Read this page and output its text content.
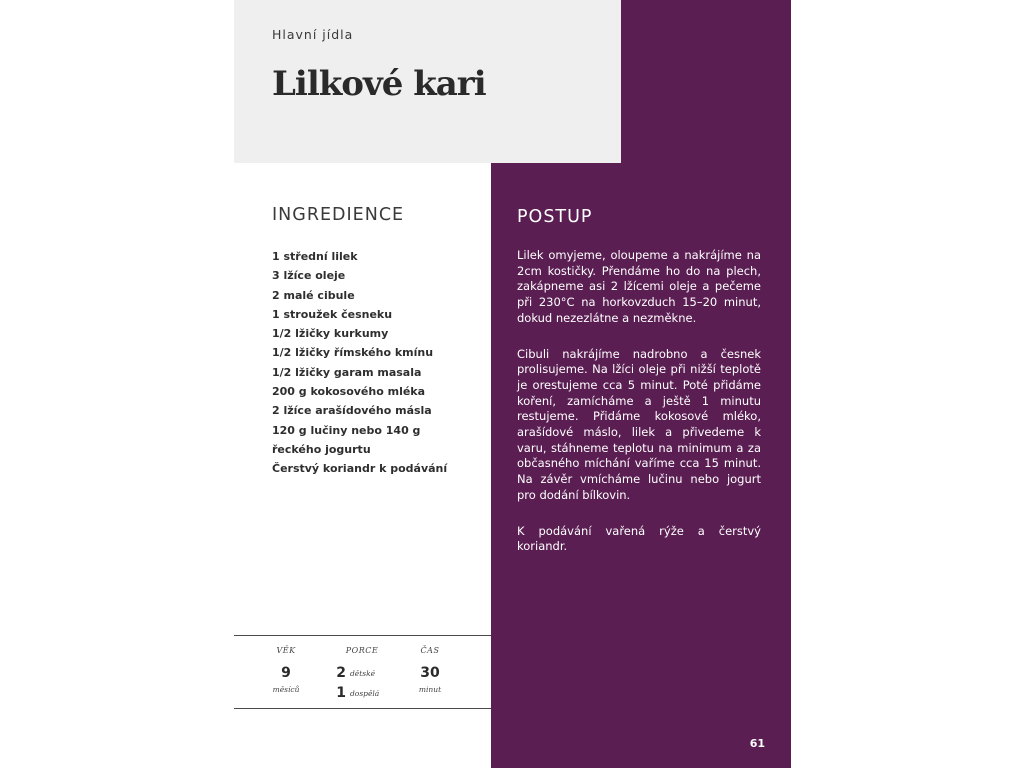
POSTUP

Lilek omyjeme, oloupeme a nakrájíme na 2cm kostičky. Přendáme ho do na plech, zakápneme asi 2 lžícemi oleje a pečeme při 230°C na horkovzduch 15–20 minut, dokud nezezlátne a nezměkne.

Cibuli nakrájíme nadrobno a česnek prolisujeme. Na lžíci oleje při nižší teplotě je orestujeme cca 5 minut. Poté přidáme koření, zamícháme a ještě 1 minutu restujeme. Přidáme kokosové mléko, arašídové máslo, lilek a přivedeme k varu, stáhneme teplotu na minimum a za občasného míchání vaříme cca 15 minut. Na závěr vmícháme lučinu nebo jogurt pro dodání bílkovin.

K podávání vařená rýže a čerstvý koriandr.

61
Hlavní jídla
Lilkové kari
INGREDIENCE
1 střední lilek
3 lžíce oleje
2 malé cibule
1 stroužek česneku
1/2 lžičky kurkumy
1/2 lžičky římského kmínu
1/2 lžičky garam masala
200 g kokosového mléka
2 lžíce arašídového másla
120 g lučiny nebo 140 g
řeckého jogurtu
Čerstvý koriandr k podávání
VĚK
9
měsíců
PORCE
2 dětské
1 dospělá
ČAS
30
minut
